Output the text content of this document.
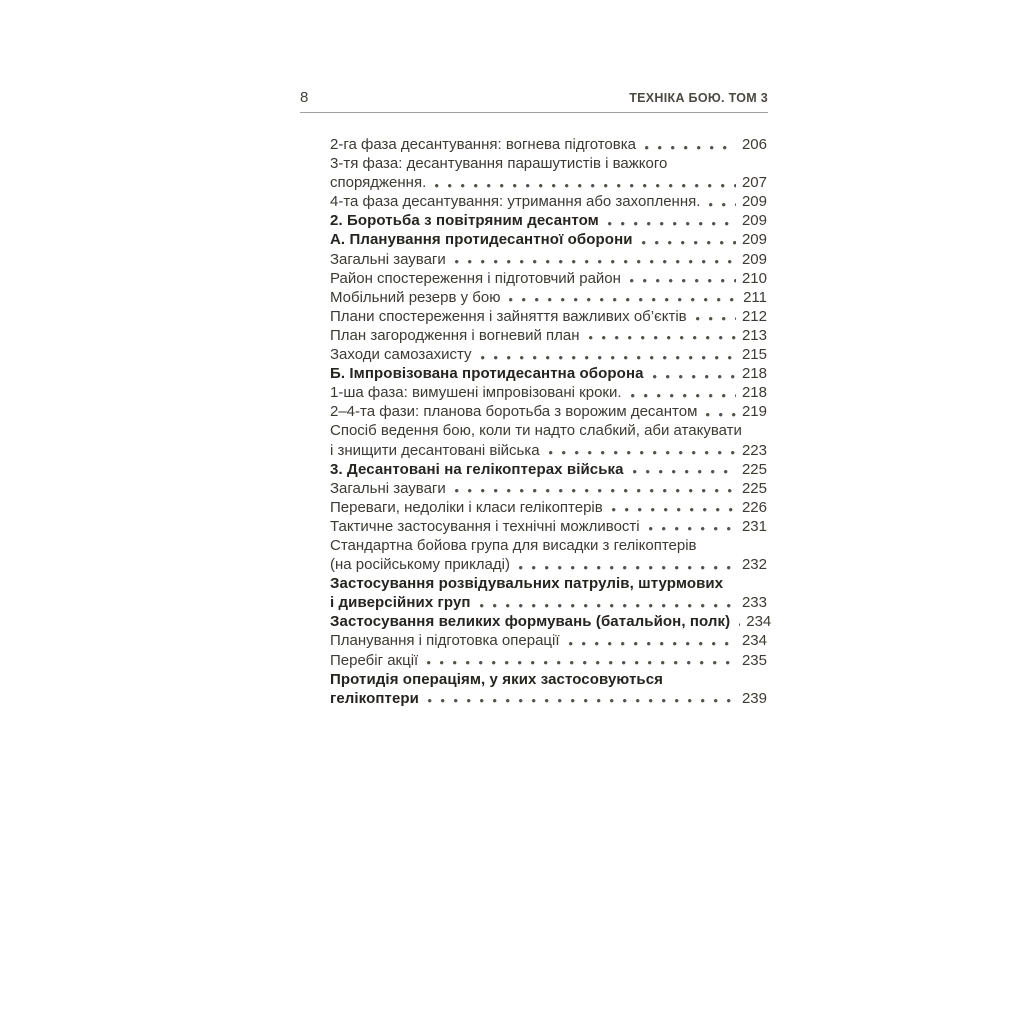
8	ТЕХНІКА БОЮ. ТОМ 3
2-га фаза десантування: вогнева підготовка	206
3-тя фаза: десантування парашутистів і важкого
спорядження.	207
4-та фаза десантування: утримання або захоплення.	209
2. Боротьба з повітряним десантом	209
А. Планування протидесантної оборони	209
Загальні зауваги	209
Район спостереження і підготовчий район	210
Мобільний резерв у бою	211
Плани спостереження і зайняття важливих об’єктів	212
План загородження і вогневий план	213
Заходи самозахисту	215
Б. Імпровізована протидесантна оборона	218
1-ша фаза: вимушені імпровізовані кроки.	218
2–4-та фази: планова боротьба з ворожим десантом	219
Спосіб ведення бою, коли ти надто слабкий, аби атакувати
і знищити десантовані війська	223
3. Десантовані на гелікоптерах війська	225
Загальні зауваги	225
Переваги, недоліки і класи гелікоптерів	226
Тактичне застосування і технічні можливості	231
Стандартна бойова група для висадки з гелікоптерів
(на російському прикладі)	232
Застосування розвідувальних патрулів, штурмових
і диверсійних груп	233
Застосування великих формувань (батальйон, полк) 234
Планування і підготовка операції	234
Перебіг акції	235
Протидія операціям, у яких застосовуються
гелікоптери	239
